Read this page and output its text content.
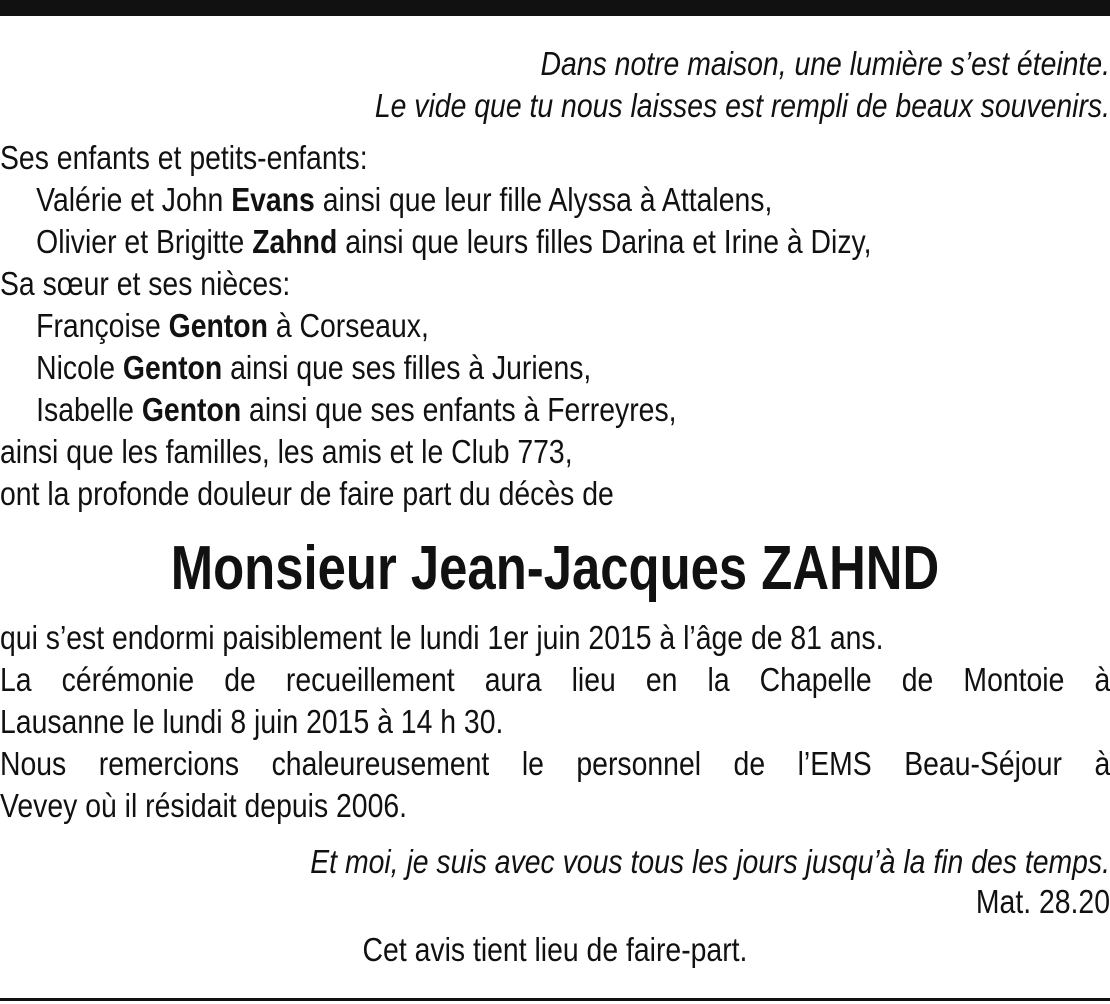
Dans notre maison, une lumière s’est éteinte.
Le vide que tu nous laisses est rempli de beaux souvenirs.
Ses enfants et petits-enfants:
Valérie et John Evans ainsi que leur fille Alyssa à Attalens,
Olivier et Brigitte Zahnd ainsi que leurs filles Darina et Irine à Dizy,
Sa sœur et ses nièces:
Françoise Genton à Corseaux,
Nicole Genton ainsi que ses filles à Juriens,
Isabelle Genton ainsi que ses enfants à Ferreyres,
ainsi que les familles, les amis et le Club 773,
ont la profonde douleur de faire part du décès de
Monsieur Jean-Jacques ZAHND
qui s’est endormi paisiblement le lundi 1er juin 2015 à l’âge de 81 ans.
La cérémonie de recueillement aura lieu en la Chapelle de Montoie à
Lausanne le lundi 8 juin 2015 à 14 h 30.
Nous remercions chaleureusement le personnel de l’EMS Beau-Séjour à
Vevey où il résidait depuis 2006.
Et moi, je suis avec vous tous les jours jusqu’à la fin des temps.
Mat. 28.20
Cet avis tient lieu de faire-part.
